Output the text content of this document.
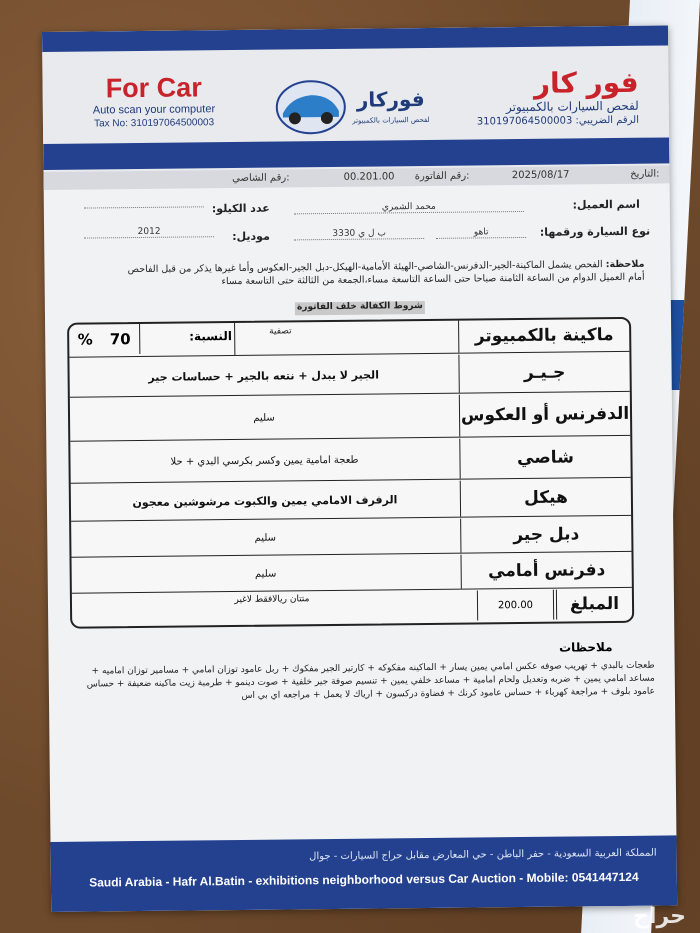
For Car
Auto scan your computer
Tax No: 310197064500003
فوركار
لفحص السيارات بالكمبيوتر
فور كار
لفحص السيارات بالكمبيوتر
الرقم الضريبي: 310197064500003
التاريخ:
2025/08/17
رقم الفاتورة:
00.201.00
رقم الشاصي:
اسم العميل:
محمد الشمري
عدد الكيلو:
نوع السيارة ورقمها:
تاهو
ب ل ي 3330
موديل:
2012
ملاحظة: الفحص يشمل الماكينة-الجير-الدفرنس-الشاصي-الهيئة الأمامية-الهيكل-دبل الجير-العكوس وأما غيرها يذكر من قبل الفاحص
أمام العميل الدوام من الساعة الثامنة صباحا حتى الساعة التاسعة مساء،الجمعة من الثالثة حتى التاسعة مساء
شروط الكفالة خلف الفاتورة
ماكينة بالكمبيوتر
% 70	النسبة:	تصفية
جـيـر
الجير لا يبدل + نتعه بالجير + حساسات جير
الدفرنس أو العكوس
سليم
شاصي
طعجة امامية يمين وكسر بكرسي البدي + حلا
هيكل
الرفرف الامامي يمين والكبوت مرشوشين معجون
دبل جير
سليم
دفرنس أمامي
سليم
المبلغ
200.00
متتان ريالافقط لاغير
ملاحظات
طعجات بالبدي + تهريب صوفه عكس امامي يمين يسار + الماكينه مفكوكه + كارتير الجير مفكوك + ربل عامود توزان امامي + مسامير توزان اماميه + مساعد امامي يمين + ضربه وتعديل ولحام امامية + مساعد خلفي يمين + تنسيم صوفة جير خلفية + صوت دينمو + طرمبة زيت ماكينه ضعيفة + حساس عامود بلوف + مراجعة كهرباء + حساس عامود كرنك + فضاوة دركسون + ارياك لا يعمل + مراجعه اي بي اس
المملكة العربية السعودية - حفر الباطن - حي المعارض مقابل حراج السيارات - جوال
Saudi Arabia - Hafr Al.Batin - exhibitions neighborhood versus Car Auction - Mobile: 0541447124
حراج
